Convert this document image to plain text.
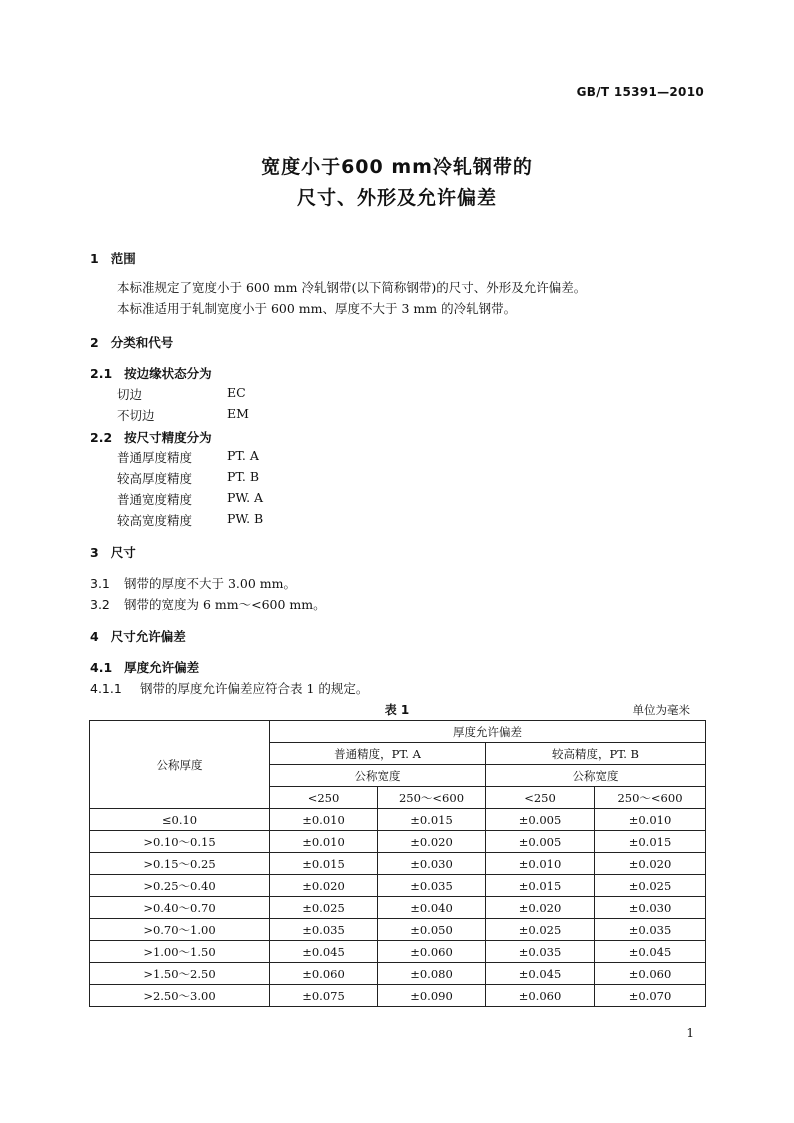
GB/T 15391—2010
宽度小于600 mm冷轧钢带的
尺寸、外形及允许偏差
1 范围
本标准规定了宽度小于 600 mm 冷轧钢带(以下简称钢带)的尺寸、外形及允许偏差。
本标准适用于轧制宽度小于 600 mm、厚度不大于 3 mm 的冷轧钢带。
2 分类和代号
2.1 按边缘状态分为
切边	EC
不切边	EM
2.2 按尺寸精度分为
普通厚度精度	PT. A
较高厚度精度	PT. B
普通宽度精度	PW. A
较高宽度精度	PW. B
3 尺寸
3.1 钢带的厚度不大于 3.00 mm。
3.2 钢带的宽度为 6 mm～<600 mm。
4 尺寸允许偏差
4.1 厚度允许偏差
4.1.1 钢带的厚度允许偏差应符合表 1 的规定。
表 1	单位为毫米
公称厚度	厚度允许偏差			
	普通精度，PT. A		较高精度，PT. B	
	公称宽度		公称宽度	
	<250	250～<600	<250	250～<600
≤0.10	±0.010	±0.015	±0.005	±0.010
>0.10～0.15	±0.010	±0.020	±0.005	±0.015
>0.15～0.25	±0.015	±0.030	±0.010	±0.020
>0.25～0.40	±0.020	±0.035	±0.015	±0.025
>0.40～0.70	±0.025	±0.040	±0.020	±0.030
>0.70～1.00	±0.035	±0.050	±0.025	±0.035
>1.00～1.50	±0.045	±0.060	±0.035	±0.045
>1.50～2.50	±0.060	±0.080	±0.045	±0.060
>2.50～3.00	±0.075	±0.090	±0.060	±0.070
1
